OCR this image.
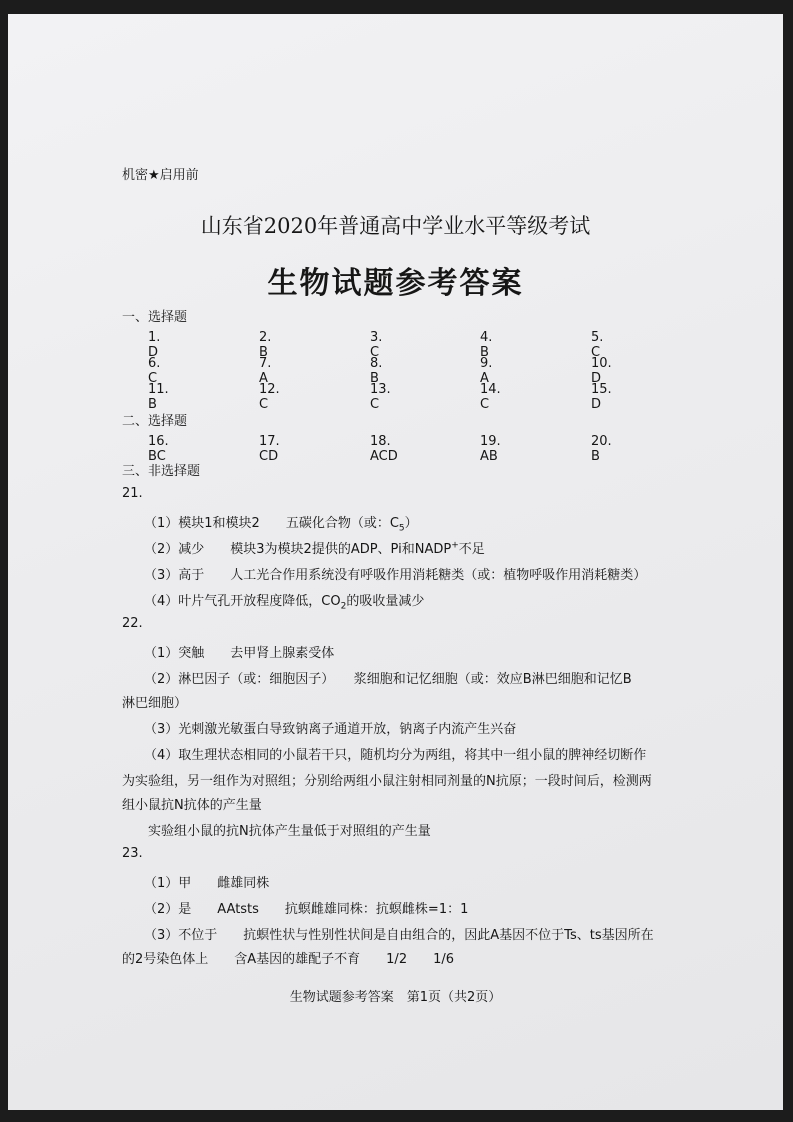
机密★启用前
山东省2020年普通高中学业水平等级考试
生物试题参考答案
一、选择题
1. D
2. B
3. C
4. B
5. C
6. C
7. A
8. B
9. A
10. D
11. B
12. C
13. C
14. C
15. D
二、选择题
16. BC
17. CD
18. ACD
19. AB
20. B
三、非选择题
21.
（1）模块1和模块2　　五碳化合物（或：$C_5$）
（2）减少　　模块3为模块2提供的ADP、Pi和NADP+不足
（3）高于　　人工光合作用系统没有呼吸作用消耗糖类（或：植物呼吸作用消耗糖类）
（4）叶片气孔开放程度降低，$CO_2$的吸收量减少
22.
（1）突触　　去甲肾上腺素受体
（2）淋巴因子（或：细胞因子）　　浆细胞和记忆细胞（或：效应B淋巴细胞和记忆B
淋巴细胞）
（3）光刺激光敏蛋白导致钠离子通道开放，钠离子内流产生兴奋
（4）取生理状态相同的小鼠若干只，随机均分为两组，将其中一组小鼠的脾神经切断作
为实验组，另一组作为对照组；分别给两组小鼠注射相同剂量的N抗原；一段时间后，检测两
组小鼠抗N抗体的产生量
实验组小鼠的抗N抗体产生量低于对照组的产生量
23.
（1）甲　　雌雄同株
（2）是　　AAtsts　　抗螟雌雄同株：抗螟雌株=1：1
（3）不位于　　抗螟性状与性别性状间是自由组合的，因此A基因不位于Ts、ts基因所在
的2号染色体上　　含A基因的雄配子不育　　1/2　　1/6
生物试题参考答案　第1页（共2页）
